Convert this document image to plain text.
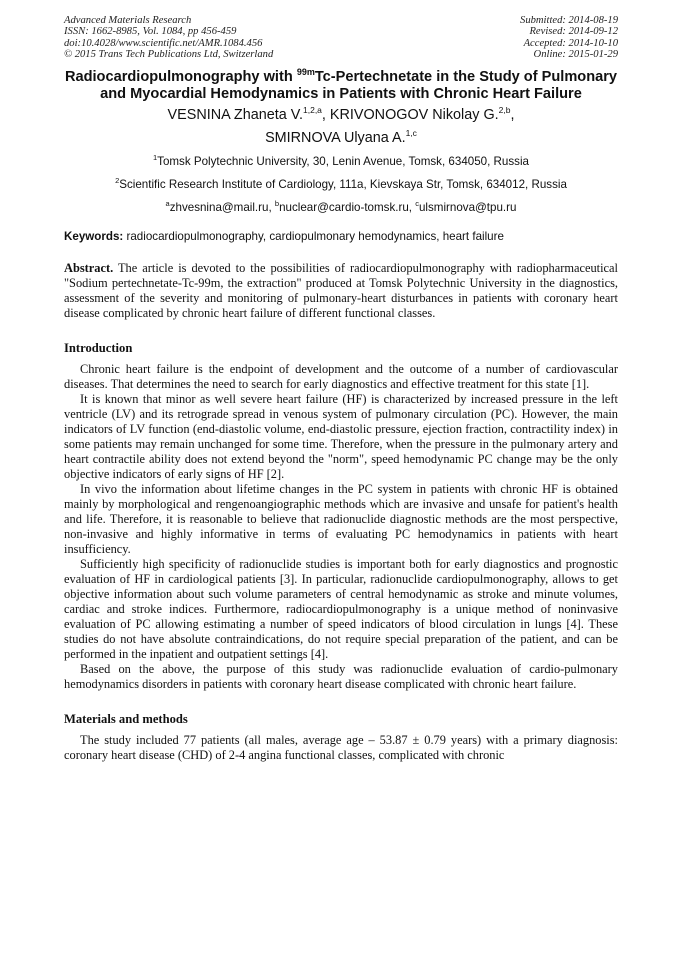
Advanced Materials Research
ISSN: 1662-8985, Vol. 1084, pp 456-459
doi:10.4028/www.scientific.net/AMR.1084.456
© 2015 Trans Tech Publications Ltd, Switzerland
Submitted: 2014-08-19
Revised: 2014-09-12
Accepted: 2014-10-10
Online: 2015-01-29
Radiocardiopulmonography with $^{99m}$Tc-Pertechnetate in the Study of Pulmonary and Myocardial Hemodynamics in Patients with Chronic Heart Failure
VESNINA Zhaneta V.$^{1,2,a}$, KRIVONOGOV Nikolay G.$^{2,b}$,
SMIRNOVA Ulyana A.$^{1,c}$

$^1$Tomsk Polytechnic University, 30, Lenin Avenue, Tomsk, 634050, Russia

$^2$Scientific Research Institute of Cardiology, 111a, Kievskaya Str, Tomsk, 634012, Russia

$^a$zhvesnina@mail.ru, $^b$nuclear@cardio-tomsk.ru, $^c$ulsmirnova@tpu.ru

Keywords: radiocardiopulmonography, cardiopulmonary hemodynamics, heart failure
Abstract. The article is devoted to the possibilities of radiocardiopulmonography with radiopharmaceutical "Sodium pertechnetate-Tc-99m, the extraction" produced at Tomsk Polytechnic University in the diagnostics, assessment of the severity and monitoring of pulmonary-heart disturbances in patients with coronary heart disease complicated by chronic heart failure of different functional classes.
Introduction

Chronic heart failure is the endpoint of development and the outcome of a number of cardiovascular diseases. That determines the need to search for early diagnostics and effective treatment for this state [1].

It is known that minor as well severe heart failure (HF) is characterized by increased pressure in the left ventricle (LV) and its retrograde spread in venous system of pulmonary circulation (PC). However, the main indicators of LV function (end-diastolic volume, end-diastolic pressure, ejection fraction, contractility index) in some patients may remain unchanged for some time. Therefore, when the pressure in the pulmonary artery and heart contractile ability does not extend beyond the "norm", speed hemodynamic PC change may be the only objective indicators of early signs of HF [2].

In vivo the information about lifetime changes in the PC system in patients with chronic HF is obtained mainly by morphological and rengenoangiographic methods which are invasive and unsafe for patient's health and life. Therefore, it is reasonable to believe that radionuclide diagnostic methods are the most perspective, non-invasive and highly informative in terms of evaluating PC hemodynamics in patients with heart insufficiency.

Sufficiently high specificity of radionuclide studies is important both for early diagnostics and prognostic evaluation of HF in cardiological patients [3]. In particular, radionuclide cardiopulmonography, allows to get objective information about such volume parameters of central hemodynamic as stroke and minute volumes, cardiac and stroke indices. Furthermore, radiocardiopulmonography is a unique method of noninvasive evaluation of PC allowing estimating a number of speed indicators of blood circulation in lungs [4]. These studies do not have absolute contraindications, do not require special preparation of the patient, and can be performed in the inpatient and outpatient settings [4].

Based on the above, the purpose of this study was radionuclide evaluation of cardio-pulmonary hemodynamics disorders in patients with coronary heart disease complicated with chronic heart failure.

Materials and methods

The study included 77 patients (all males, average age – 53.87 ± 0.79 years) with a primary diagnosis: coronary heart disease (CHD) of 2-4 angina functional classes, complicated with chronic
